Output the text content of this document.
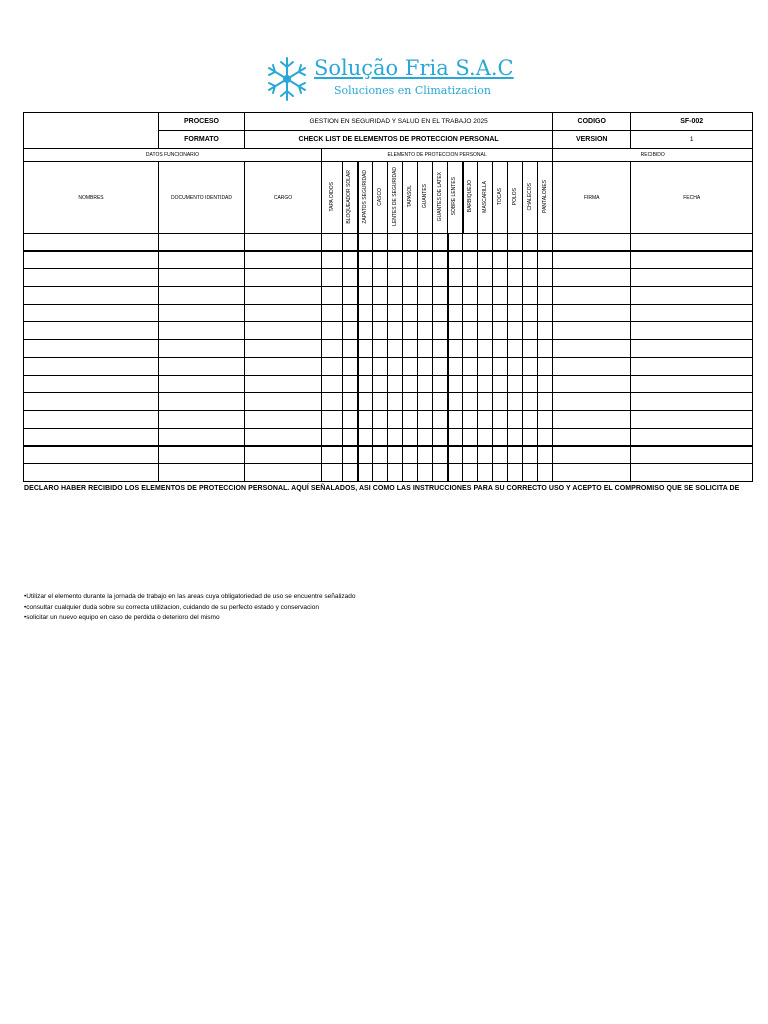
Solução Fria S.A.C
Soluciones en Climatizacion
	PROCESO	GESTION EN SEGURIDAD Y SALUD EN EL TRABAJO 2025																CODIGO	SF-002
	FORMATO	CHECK LIST DE ELEMENTOS DE PROTECCION PERSONAL																VERSION	1
DATOS FUNCIONARIO			ELEMENTO DE PROTECCION PERSONAL															RECIBIDO	
NOMBRES	DOCUMENTO IDENTIDAD	CARGO	TAPA OIDOS	BLOQUEADOR SOLAR	ZAPATOS SEGURIDAD	CASCO	LENTES DE SEGURIDAD	TAPASOL	GUANTES	GUANTES DE LATEX	SOBRE LENTES	BARBIQUEJO	MASCARILLA	TOCAS	POLOS	CHALECOS	PANTALONES	FIRMA	FECHA

DECLARO HABER RECIBIDO LOS ELEMENTOS DE PROTECCION PERSONAL. AQUÍ SEÑALADOS, ASI COMO LAS INSTRUCCIONES PARA SU CORRECTO USO Y ACEPTO EL COMPROMISO QUE SE SOLICITA DE
•Utilizar el elemento durante la jornada de trabajo en las areas cuya obligatoriedad de uso se encuentre señalizado
•consultar cualquier duda sobre su correcta utilizacion, cuidando de su perfecto estado y conservacion
•solicitar un nuevo equipo en caso de perdida o deterioro del mismo
